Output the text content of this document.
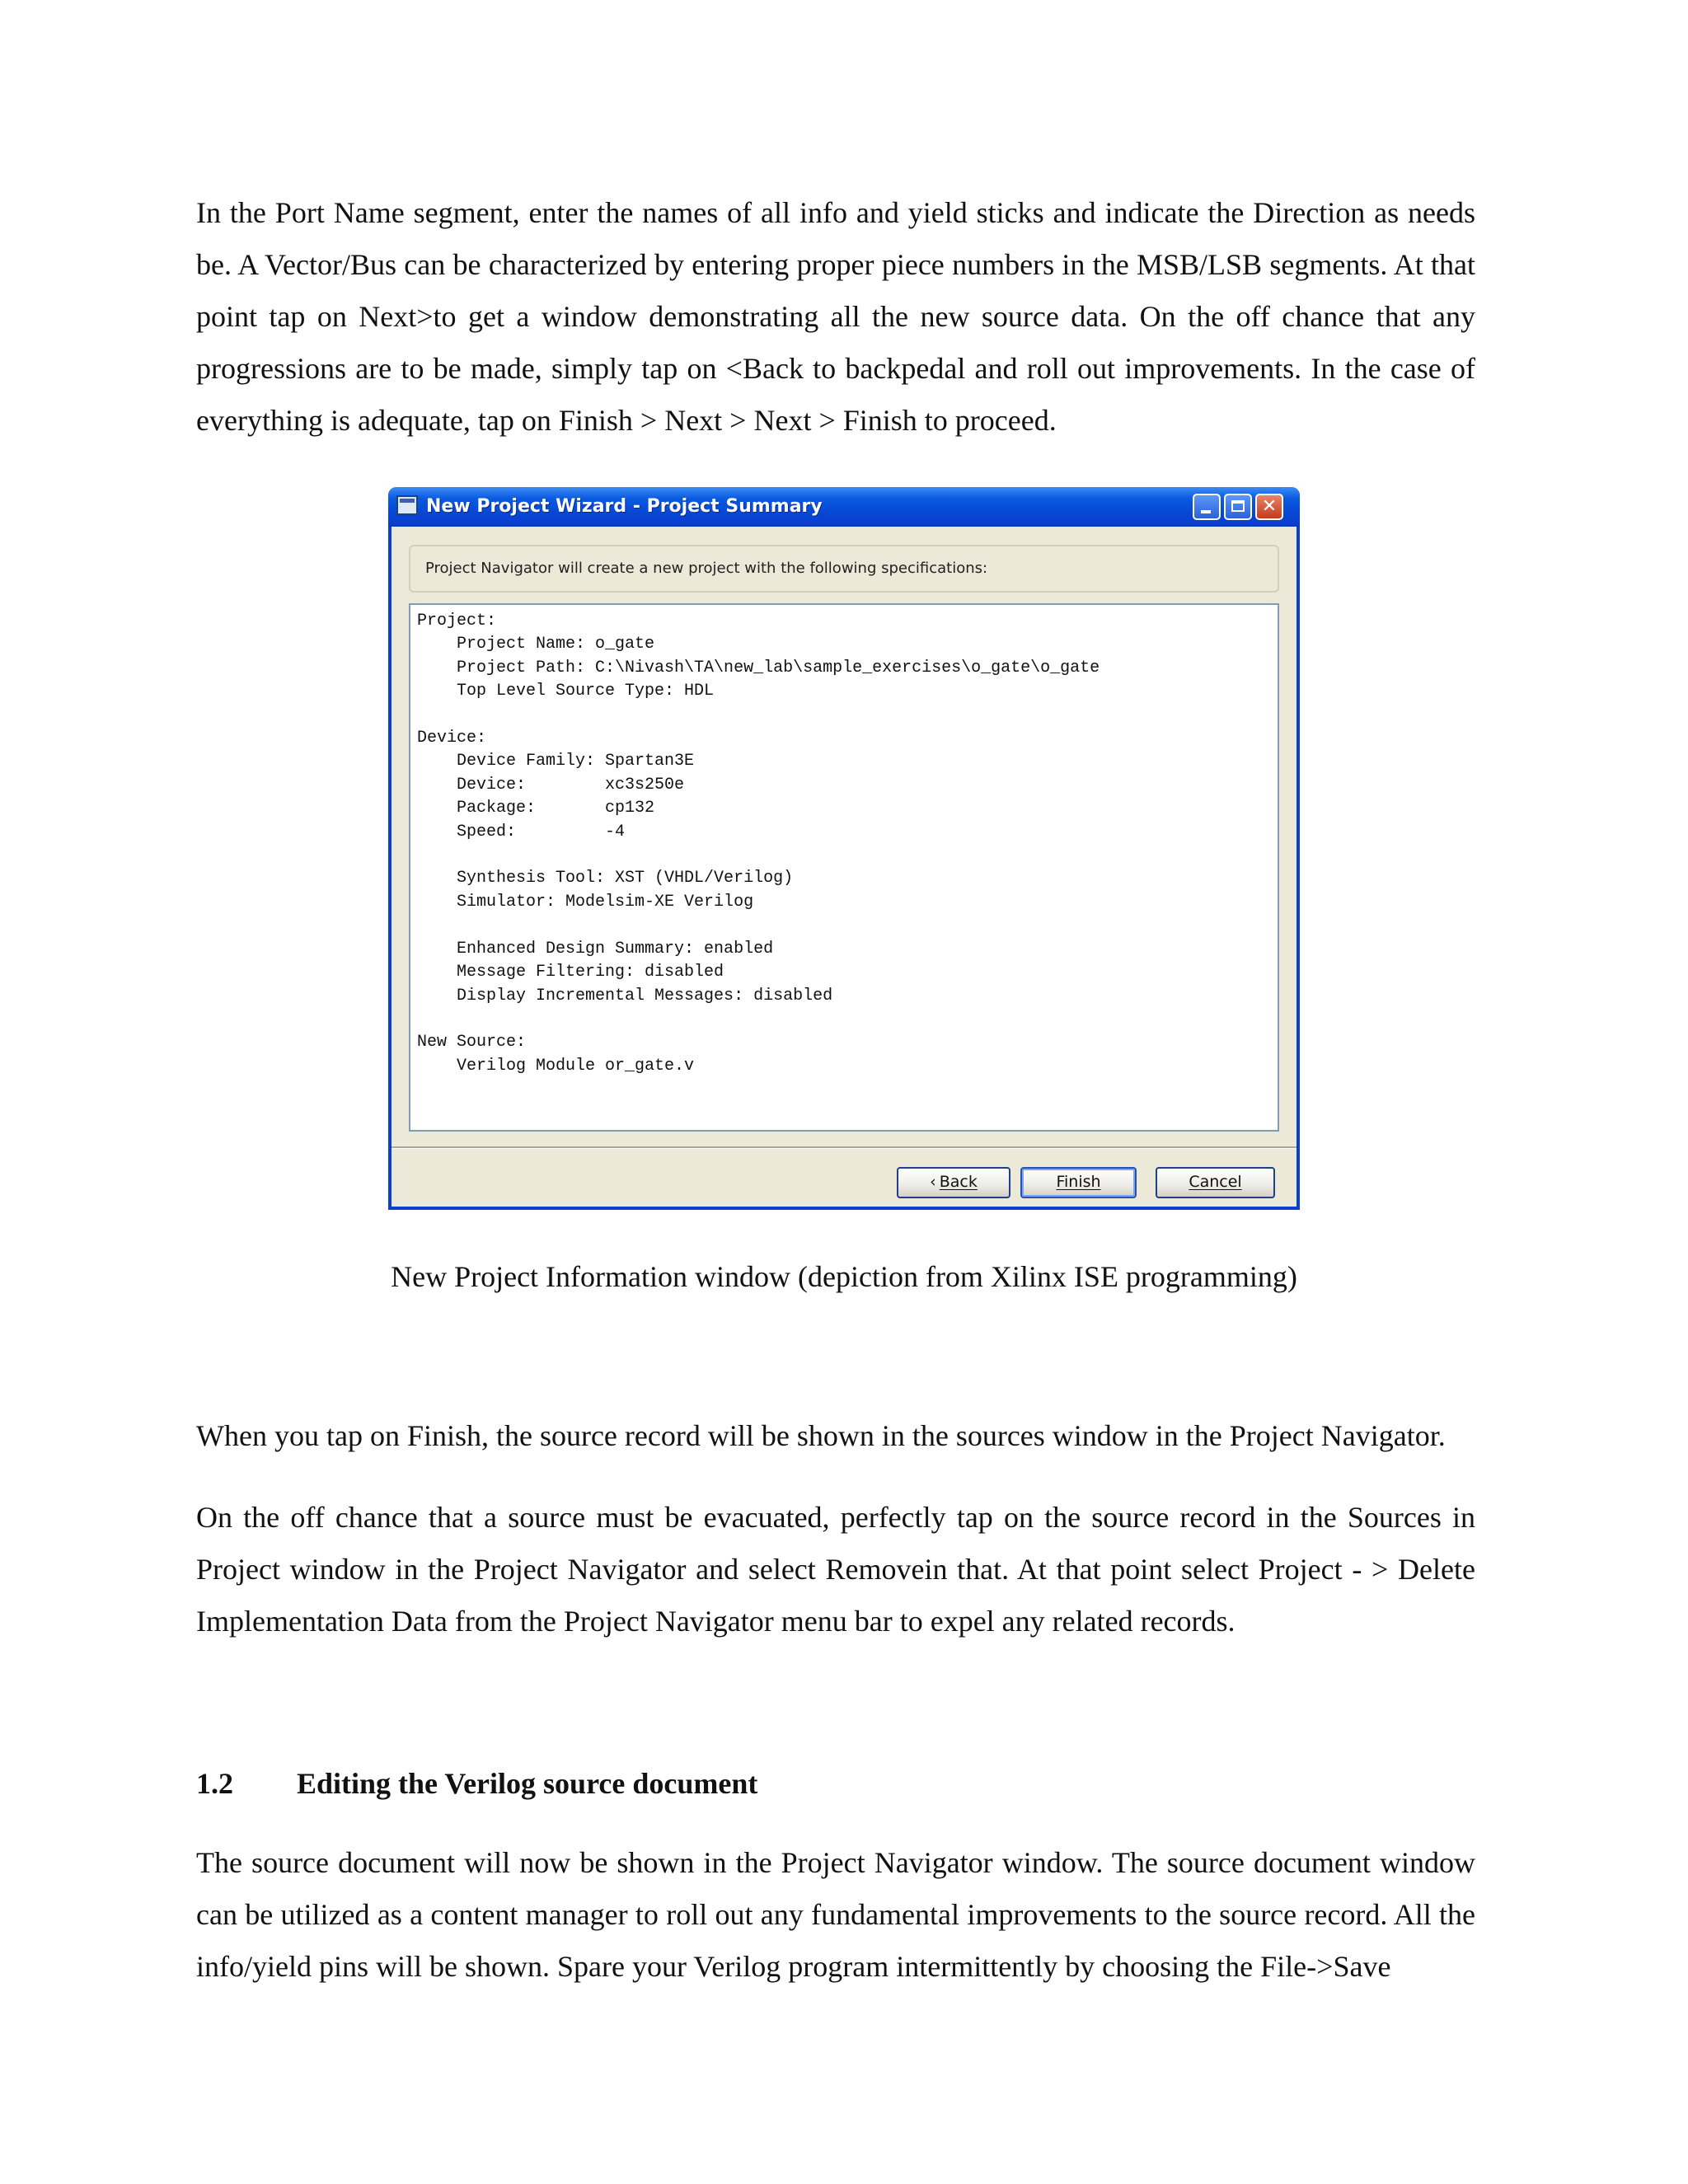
In the Port Name segment, enter the names of all info and yield sticks and indicate the Direction as needs be. A Vector/Bus can be characterized by entering proper piece numbers in the MSB/LSB segments. At that point tap on Next>to get a window demonstrating all the new source data. On the off chance that any progressions are to be made, simply tap on <Back to backpedal and roll out improvements. In the case of everything is adequate, tap on Finish > Next > Next > Finish to proceed.

New Project Wizard - Project Summary	✕
Project Navigator will create a new project with the following specifications:
Project:
Project Name: o_gate
Project Path: C:\Nivash\TA\new_lab\sample_exercises\o_gate\o_gate
Top Level Source Type: HDL

Device:
Device Family: Spartan3E
Device:        xc3s250e
Package:       cp132
Speed:         -4

Synthesis Tool: XST (VHDL/Verilog)
Simulator: Modelsim-XE Verilog

Enhanced Design Summary: enabled
Message Filtering: disabled
Display Incremental Messages: disabled

New Source:
Verilog Module or_gate.v
‹ Back	Finish	Cancel

New Project Information window (depiction from Xilinx ISE programming)

When you tap on Finish, the source record will be shown in the sources window in the Project Navigator.

On the off chance that a source must be evacuated, perfectly tap on the source record in the Sources in Project window in the Project Navigator and select Removein that. At that point select Project - > Delete Implementation Data from the Project Navigator menu bar to expel any related records.

1.2 Editing the Verilog source document

The source document will now be shown in the Project Navigator window. The source document window can be utilized as a content manager to roll out any fundamental improvements to the source record. All the info/yield pins will be shown. Spare your Verilog program intermittently by choosing the File->Save
